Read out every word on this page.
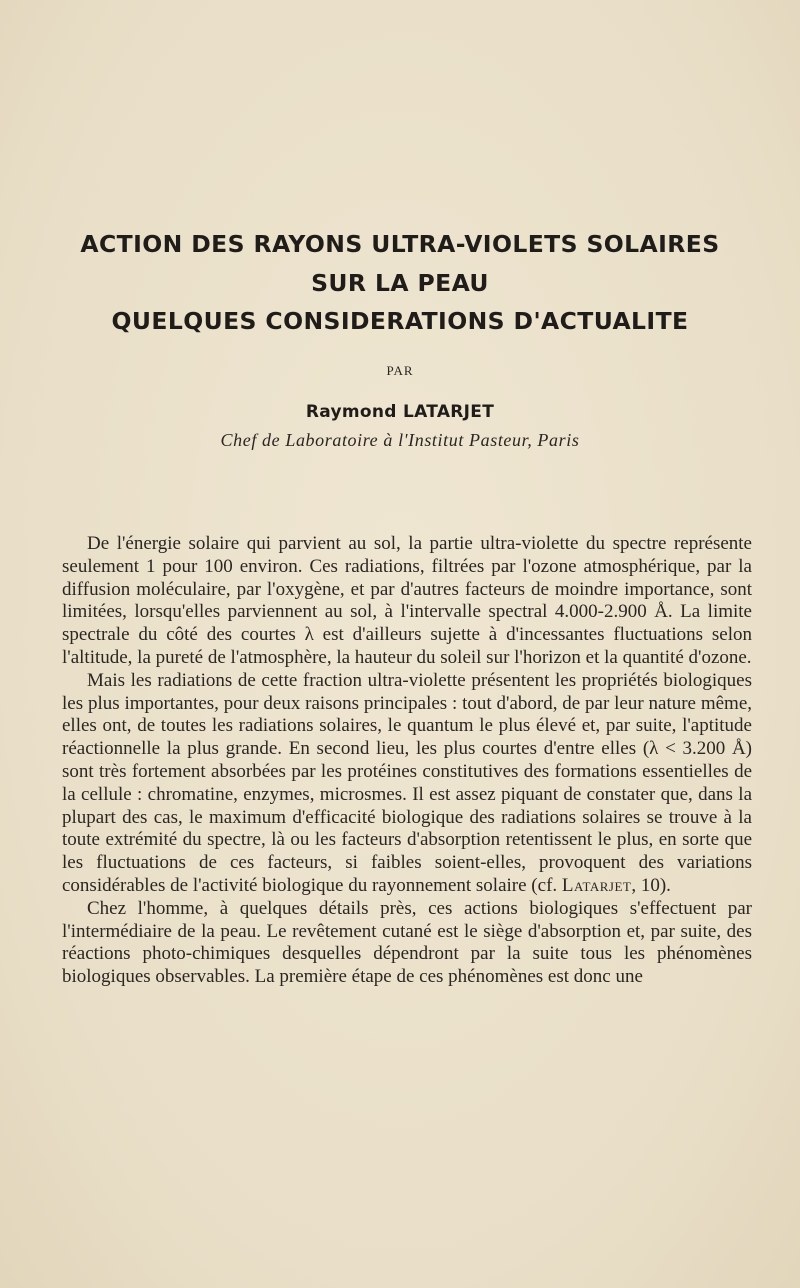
ACTION DES RAYONS ULTRA-VIOLETS SOLAIRES
SUR LA PEAU
QUELQUES CONSIDERATIONS D'ACTUALITE
PAR
Raymond LATARJET
Chef de Laboratoire à l'Institut Pasteur, Paris

De l'énergie solaire qui parvient au sol, la partie ultra-violette du spectre représente seulement 1 pour 100 environ. Ces radiations, filtrées par l'ozone atmosphérique, par la diffusion moléculaire, par l'oxygène, et par d'autres facteurs de moindre importance, sont limitées, lorsqu'elles parviennent au sol, à l'intervalle spectral 4.000-2.900 Å. La limite spectrale du côté des courtes λ est d'ailleurs sujette à d'incessantes fluctuations selon l'altitude, la pureté de l'atmosphère, la hauteur du soleil sur l'horizon et la quantité d'ozone.

Mais les radiations de cette fraction ultra-violette présentent les propriétés biologiques les plus importantes, pour deux raisons principales : tout d'abord, de par leur nature même, elles ont, de toutes les radiations solaires, le quantum le plus élevé et, par suite, l'aptitude réactionnelle la plus grande. En second lieu, les plus courtes d'entre elles (λ < 3.200 Å) sont très fortement absorbées par les protéines constitutives des formations essentielles de la cellule : chromatine, enzymes, microsmes. Il est assez piquant de constater que, dans la plupart des cas, le maximum d'efficacité biologique des radiations solaires se trouve à la toute extrémité du spectre, là ou les facteurs d'absorption retentissent le plus, en sorte que les fluctuations de ces facteurs, si faibles soient-elles, provoquent des variations considérables de l'activité biologique du rayonnement solaire (cf. Latarjet, 10).

Chez l'homme, à quelques détails près, ces actions biologiques s'effectuent par l'intermédiaire de la peau. Le revêtement cutané est le siège d'absorption et, par suite, des réactions photo-chimiques desquelles dépendront par la suite tous les phénomènes biologiques observables. La première étape de ces phénomènes est donc une
